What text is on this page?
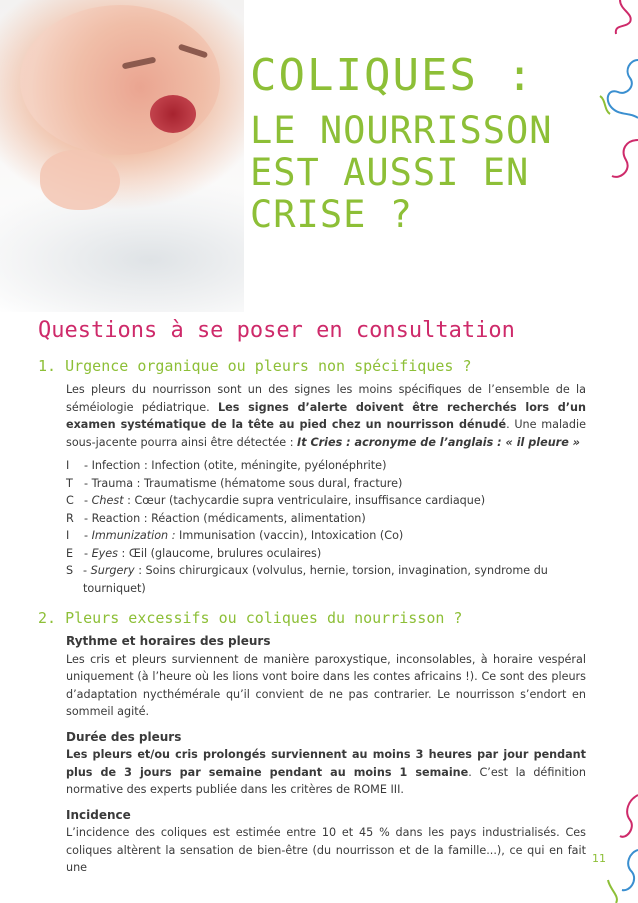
COLIQUES :
LE NOURRISSON
EST AUSSI EN
CRISE ?
Questions à se poser en consultation
1. Urgence organique ou pleurs non spécifiques ?
Les pleurs du nourrisson sont un des signes les moins spécifiques de l’ensemble de la séméiologie pédiatrique. Les signes d’alerte doivent être recherchés lors d’un examen systématique de la tête au pied chez un nourrisson dénudé. Une maladie sous-jacente pourra ainsi être détectée : It Cries : acronyme de l’anglais : « il pleure »
I	- Infection : Infection (otite, méningite, pyélonéphrite)
T - Trauma : Traumatisme (hématome sous dural, fracture)
C - Chest : Cœur (tachycardie supra ventriculaire, insuffisance cardiaque)
R - Reaction : Réaction (médicaments, alimentation)
I	- Immunization : Immunisation (vaccin), Intoxication (Co)
E - Eyes : Œil (glaucome, brulures oculaires)
S - Surgery : Soins chirurgicaux (volvulus, hernie, torsion, invagination, syndrome du tourniquet)
2. Pleurs excessifs ou coliques du nourrisson ?
Rythme et horaires des pleurs
Les cris et pleurs surviennent de manière paroxystique, inconsolables, à horaire vespéral uniquement (à l’heure où les lions vont boire dans les contes africains !). Ce sont des pleurs d’adaptation nycthémérale qu’il convient de ne pas contrarier. Le nourrisson s’endort en sommeil agité.
Durée des pleurs
Les pleurs et/ou cris prolongés surviennent au moins 3 heures par jour pendant plus de 3 jours par semaine pendant au moins 1 semaine. C’est la définition normative des experts publiée dans les critères de ROME III.
Incidence
L’incidence des coliques est estimée entre 10 et 45 % dans les pays industrialisés. Ces coliques altèrent la sensation de bien-être (du nourrisson et de la famille...), ce qui en fait une
11
